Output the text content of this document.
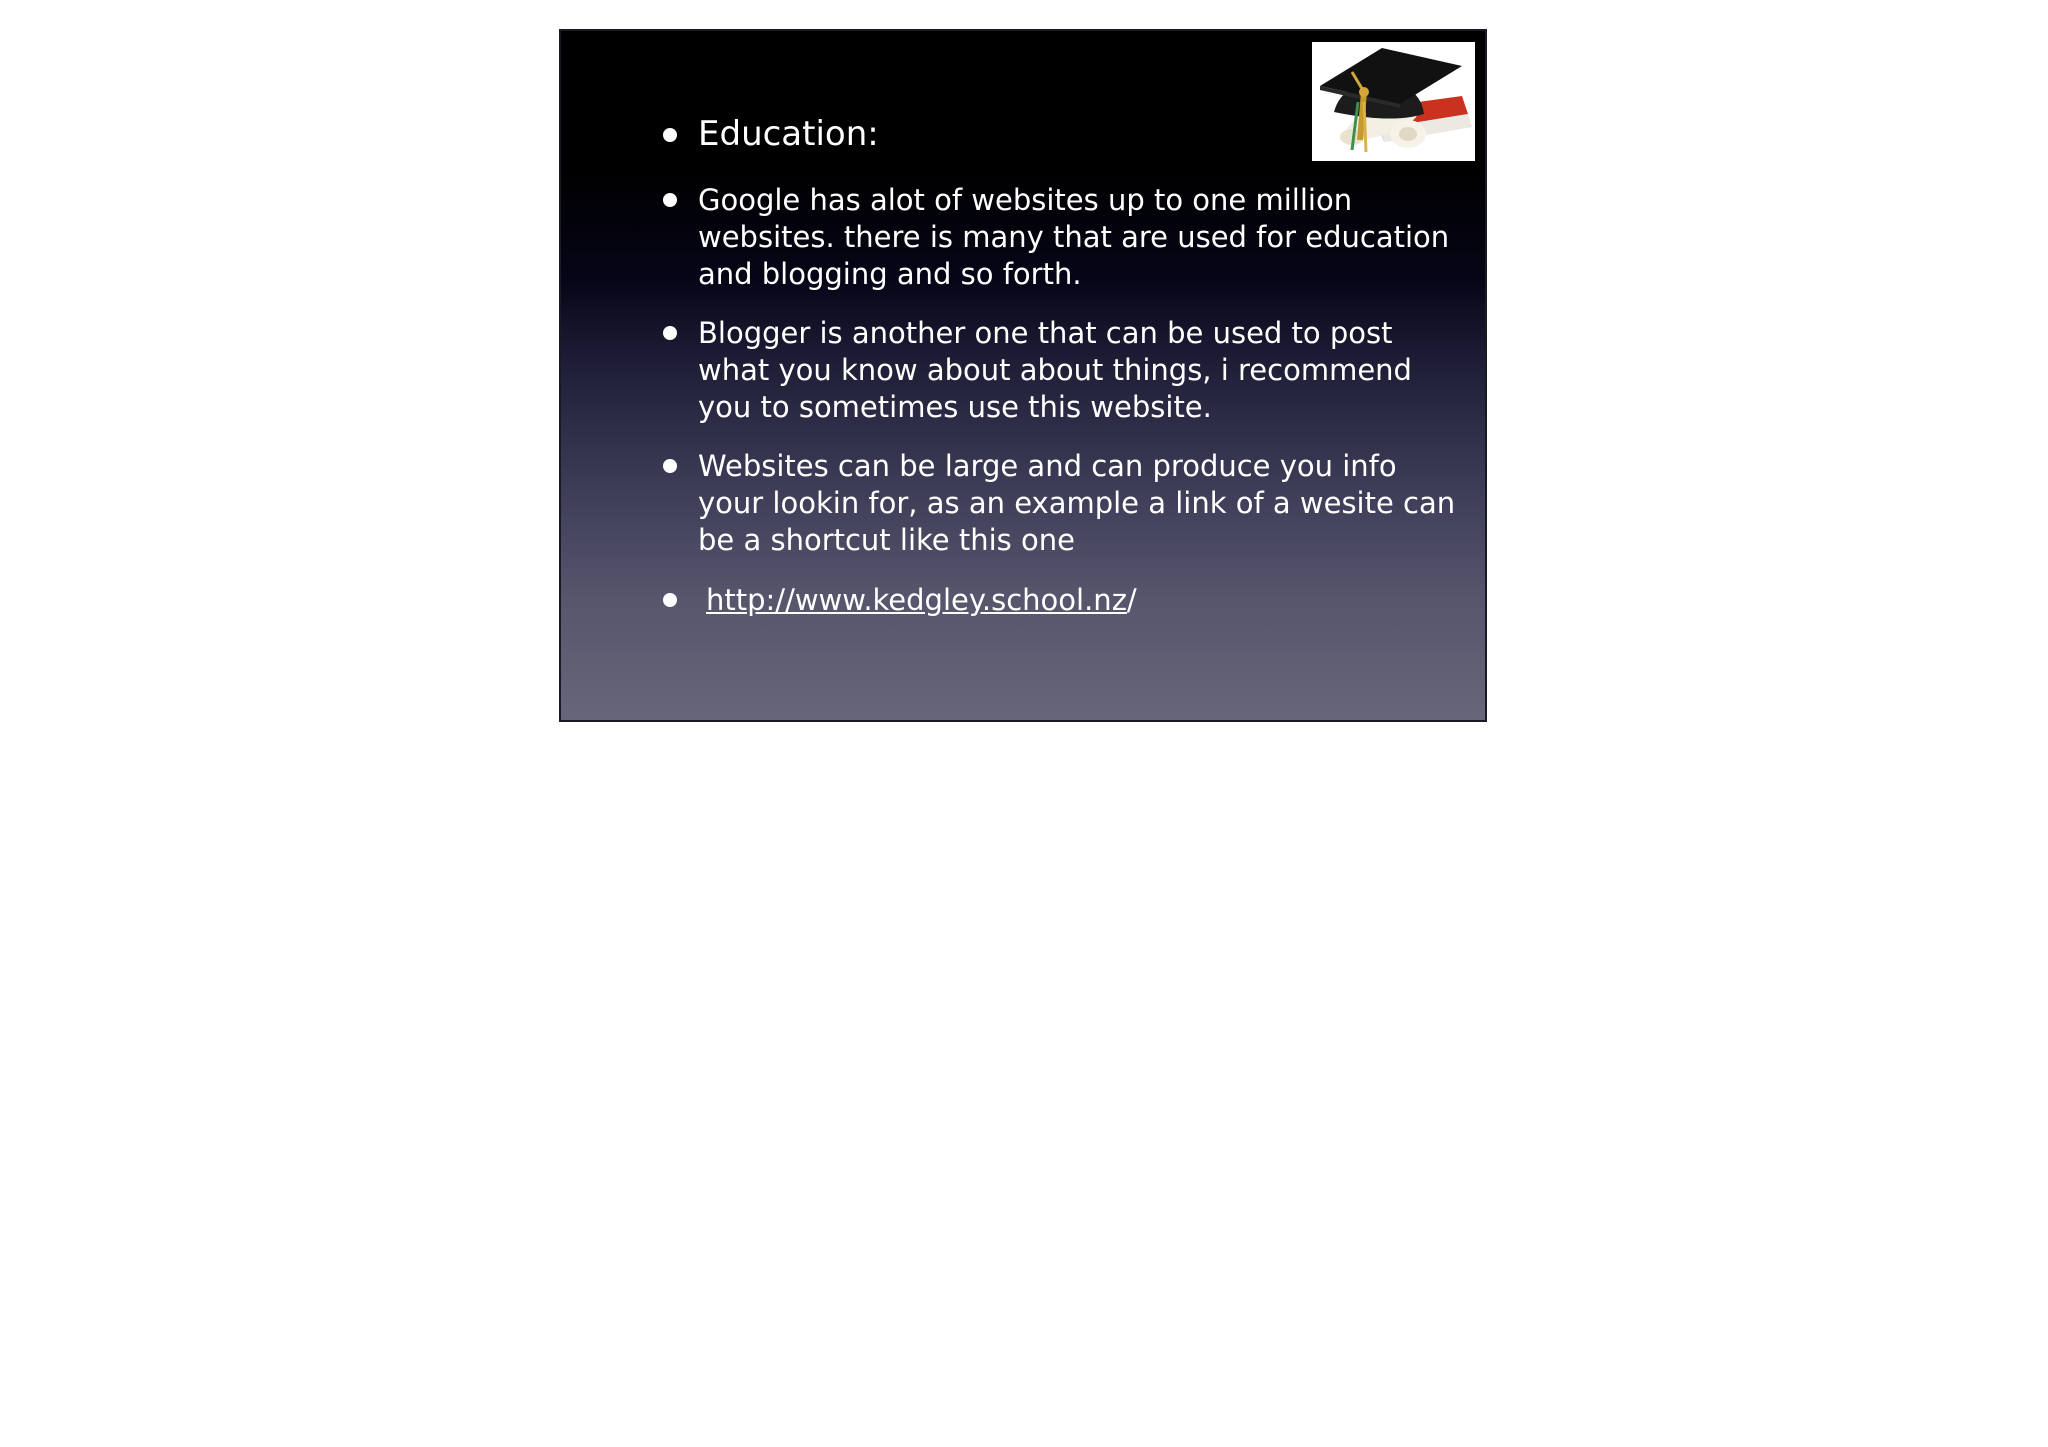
Education:
Google has alot of websites up to one million websites. there is many that are used for education and blogging and so forth.
Blogger is another one that can be used to post what you know about about things, i recommend you to sometimes use this website.
Websites can be large and can produce you info your lookin for, as an example a link of a wesite can be a shortcut like this one
http://www.kedgley.school.nz/
